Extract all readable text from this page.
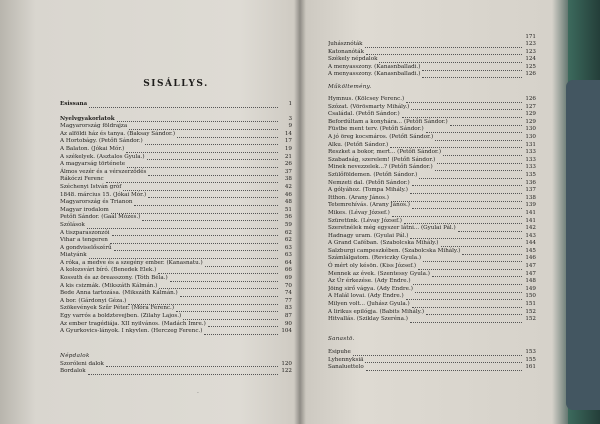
SISÁLLYS.
Esissana	1
Nyelvgyakorlatok	3
Magyarország földrajza	9
Az alföldi ház és tanya. (Baksay Sándor.)	14
A Hortobágy. (Petőfi Sándor.)	17
A Balaton. (Jókai Mór.)	19
A székelyek. (Asztalos Gyula.)	21
A magyarság története	26
Álmos vezér és a vérszerződés	37
Rákóczi Ferenc	38
Széchenyi István gróf	42
1848. március 15. (Jókai Mór.)	46
Magyarország és Trianon	48
Magyar irodalom	51
Petőfi Sándor. (Gaál Mózes.)	56
Szólások	59
A tiszparaszonzói	62
Vihar a tengeren	62
A gondviselőszérű	63
Miatyánk	63
A róka, a medve és a szegény ember. (Kanasnatu.)	64
A kolozsvári bíró. (Benedek Elek.)	66
Kossuth és az öreasszony. (Tóth Béla.)	69
A kis csizmák. (Mikszáth Kálmán.)	70
Bede Anna tartozása. (Mikszáth Kálmán.)	74
A bor. (Gárdonyi Géza.)	77
Szökevények Szűr Péter. (Móra Ferenc.)	83
Egy varrós a boldztevejben. (Zilahy Lajos.)	87
Az ember tragédiája. XII nyilvános. (Madách Imre.)	90
A Gyurkovics-lányok. I nkyvlen. (Herczeg Ferenc.)	104
Népdalok
Szoróleni dalok	120
Bordalok	122
·
171
Juhásznóták	123
Katonanóták	123
Székely népdalok	124
A menyasszony. (Kanasnballadi.)	125
A menyasszony. (Kanasnballadi.)	126
Műköltemény.
Hymnus. (Kölcsey Ferenc.)	126
Szózat. (Vörösmarty Mihály.)	127
Családal. (Petőfi Sándor.)	129
Befordúltam a konyhára... (Petőfi Sándor.)	129
Füstbe ment terv. (Petőfi Sándor.)	130
A jó öreg kocsmáros. (Petőfi Sándor.)	130
Alku. (Petőfi Sándor.)	131
Reszket a bokor, mert... (Petőfi Sándor.)	133
Szabadság, szerelem! (Petőfi Sándor.)	133
Minek nevezzelek...? (Petőfi Sándor.)	133
Szülőföldemen. (Petőfi Sándor.)	135
Nemzeti dal. (Petőfi Sándor.)	136
A gólyához. (Tompa Mihály.)	137
Itthon. (Arany János.)	138
Tetemrehívás. (Arany János.)	139
Mikes. (Lévay József.)	141
Szüretünk. (Lévay József.)	141
Szeretnélek még egyszer látni... (Gyulai Pál.)	142
Hadnagy uram. (Gyulai Pál.)	143
A Grand Caféban. (Szabolcska Mihály.)	144
Salzburgi campeszkében. (Szabolcska Mihály.)	145
Számlálgatom. (Reviczky Gyula.)	146
Ó mért oly késön. (Kiss József.)	147
Mennek az évek. (Szentessy Gyula.)	147
Az Úr érkezése. (Ady Endre.)	148
Jöing sirő vágya. (Ady Endre.)	149
A Halál lovai. (Ady Endre.)	150
Milyen volt... (Juhász Gyula.)	151
A lirikus epilógja. (Babits Mihály.)	152
Hitvallás. (Sziklay Szerénа.)	152
Sanastö.
Esipuhe	153
Lyhennyksiä	155
Sanaluettelo	161
